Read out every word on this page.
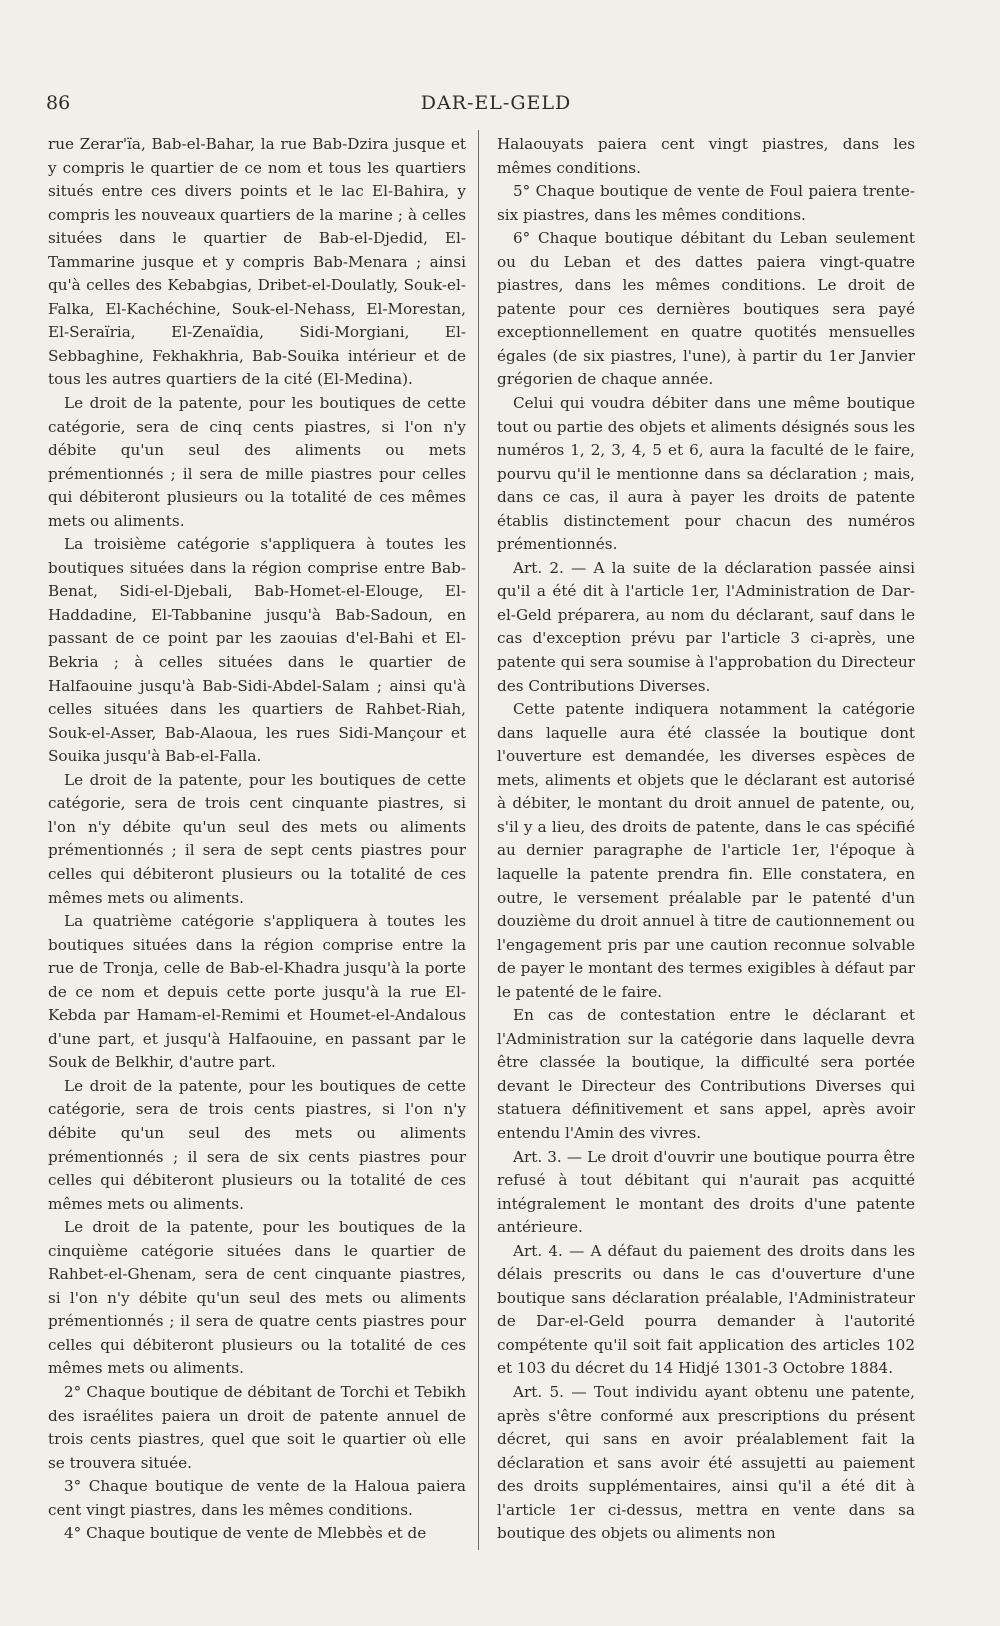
86	DAR-EL-GELD

rue Zerar'ïa, Bab-el-Bahar, la rue Bab-Dzira jusque et y compris le quartier de ce nom et tous les quartiers situés entre ces divers points et le lac El-Bahira, y compris les nouveaux quartiers de la marine ; à celles situées dans le quartier de Bab-el-Djedid, El-Tammarine jusque et y compris Bab-Menara ; ainsi qu'à celles des Kebabgias, Dribet-el-Doulatly, Souk-el-Falka, El-Kachéchine, Souk-el-Nehass, El-Morestan, El-Seraïria, El-Zenaïdia, Sidi-Morgiani, El-Sebbaghine, Fekhakhria, Bab-Souika intérieur et de tous les autres quartiers de la cité (El-Medina).

Le droit de la patente, pour les boutiques de cette catégorie, sera de cinq cents piastres, si l'on n'y débite qu'un seul des aliments ou mets prémentionnés ; il sera de mille piastres pour celles qui débiteront plusieurs ou la totalité de ces mêmes mets ou aliments.

La troisième catégorie s'appliquera à toutes les boutiques situées dans la région comprise entre Bab-Benat, Sidi-el-Djebali, Bab-Homet-el-Elouge, El-Haddadine, El-Tabbanine jusqu'à Bab-Sadoun, en passant de ce point par les zaouias d'el-Bahi et El-Bekria ; à celles situées dans le quartier de Halfaouine jusqu'à Bab-Sidi-Abdel-Salam ; ainsi qu'à celles situées dans les quartiers de Rahbet-Riah, Souk-el-Asser, Bab-Alaoua, les rues Sidi-Mançour et Souika jusqu'à Bab-el-Falla.

Le droit de la patente, pour les boutiques de cette catégorie, sera de trois cent cinquante piastres, si l'on n'y débite qu'un seul des mets ou aliments prémentionnés ; il sera de sept cents piastres pour celles qui débiteront plusieurs ou la totalité de ces mêmes mets ou aliments.

La quatrième catégorie s'appliquera à toutes les boutiques situées dans la région comprise entre la rue de Tronja, celle de Bab-el-Khadra jusqu'à la porte de ce nom et depuis cette porte jusqu'à la rue El-Kebda par Hamam-el-Remimi et Houmet-el-Andalous d'une part, et jusqu'à Halfaouine, en passant par le Souk de Belkhir, d'autre part.

Le droit de la patente, pour les boutiques de cette catégorie, sera de trois cents piastres, si l'on n'y débite qu'un seul des mets ou aliments prémentionnés ; il sera de six cents piastres pour celles qui débiteront plusieurs ou la totalité de ces mêmes mets ou aliments.

Le droit de la patente, pour les boutiques de la cinquième catégorie situées dans le quartier de Rahbet-el-Ghenam, sera de cent cinquante piastres, si l'on n'y débite qu'un seul des mets ou aliments prémentionnés ; il sera de quatre cents piastres pour celles qui débiteront plusieurs ou la totalité de ces mêmes mets ou aliments.

2° Chaque boutique de débitant de Torchi et Tebikh des israélites paiera un droit de patente annuel de trois cents piastres, quel que soit le quartier où elle se trouvera située.

3° Chaque boutique de vente de la Haloua paiera cent vingt piastres, dans les mêmes conditions.

4° Chaque boutique de vente de Mlebbès et de

Halaouyats paiera cent vingt piastres, dans les mêmes conditions.

5° Chaque boutique de vente de Foul paiera trente-six piastres, dans les mêmes conditions.

6° Chaque boutique débitant du Leban seulement ou du Leban et des dattes paiera vingt-quatre piastres, dans les mêmes conditions. Le droit de patente pour ces dernières boutiques sera payé exceptionnellement en quatre quotités mensuelles égales (de six piastres, l'une), à partir du 1er Janvier grégorien de chaque année.

Celui qui voudra débiter dans une même boutique tout ou partie des objets et aliments désignés sous les numéros 1, 2, 3, 4, 5 et 6, aura la faculté de le faire, pourvu qu'il le mentionne dans sa déclaration ; mais, dans ce cas, il aura à payer les droits de patente établis distinctement pour chacun des numéros prémentionnés.

Art. 2. — A la suite de la déclaration passée ainsi qu'il a été dit à l'article 1er, l'Administration de Dar-el-Geld préparera, au nom du déclarant, sauf dans le cas d'exception prévu par l'article 3 ci-après, une patente qui sera soumise à l'approbation du Directeur des Contributions Diverses.

Cette patente indiquera notamment la catégorie dans laquelle aura été classée la boutique dont l'ouverture est demandée, les diverses espèces de mets, aliments et objets que le déclarant est autorisé à débiter, le montant du droit annuel de patente, ou, s'il y a lieu, des droits de patente, dans le cas spécifié au dernier paragraphe de l'article 1er, l'époque à laquelle la patente prendra fin. Elle constatera, en outre, le versement préalable par le patenté d'un douzième du droit annuel à titre de cautionnement ou l'engagement pris par une caution reconnue solvable de payer le montant des termes exigibles à défaut par le patenté de le faire.

En cas de contestation entre le déclarant et l'Administration sur la catégorie dans laquelle devra être classée la boutique, la difficulté sera portée devant le Directeur des Contributions Diverses qui statuera définitivement et sans appel, après avoir entendu l'Amin des vivres.

Art. 3. — Le droit d'ouvrir une boutique pourra être refusé à tout débitant qui n'aurait pas acquitté intégralement le montant des droits d'une patente antérieure.

Art. 4. — A défaut du paiement des droits dans les délais prescrits ou dans le cas d'ouverture d'une boutique sans déclaration préalable, l'Administrateur de Dar-el-Geld pourra demander à l'autorité compétente qu'il soit fait application des articles 102 et 103 du décret du 14 Hidjé 1301-3 Octobre 1884.

Art. 5. — Tout individu ayant obtenu une patente, après s'être conformé aux prescriptions du présent décret, qui sans en avoir préalablement fait la déclaration et sans avoir été assujetti au paiement des droits supplémentaires, ainsi qu'il a été dit à l'article 1er ci-dessus, mettra en vente dans sa boutique des objets ou aliments non
